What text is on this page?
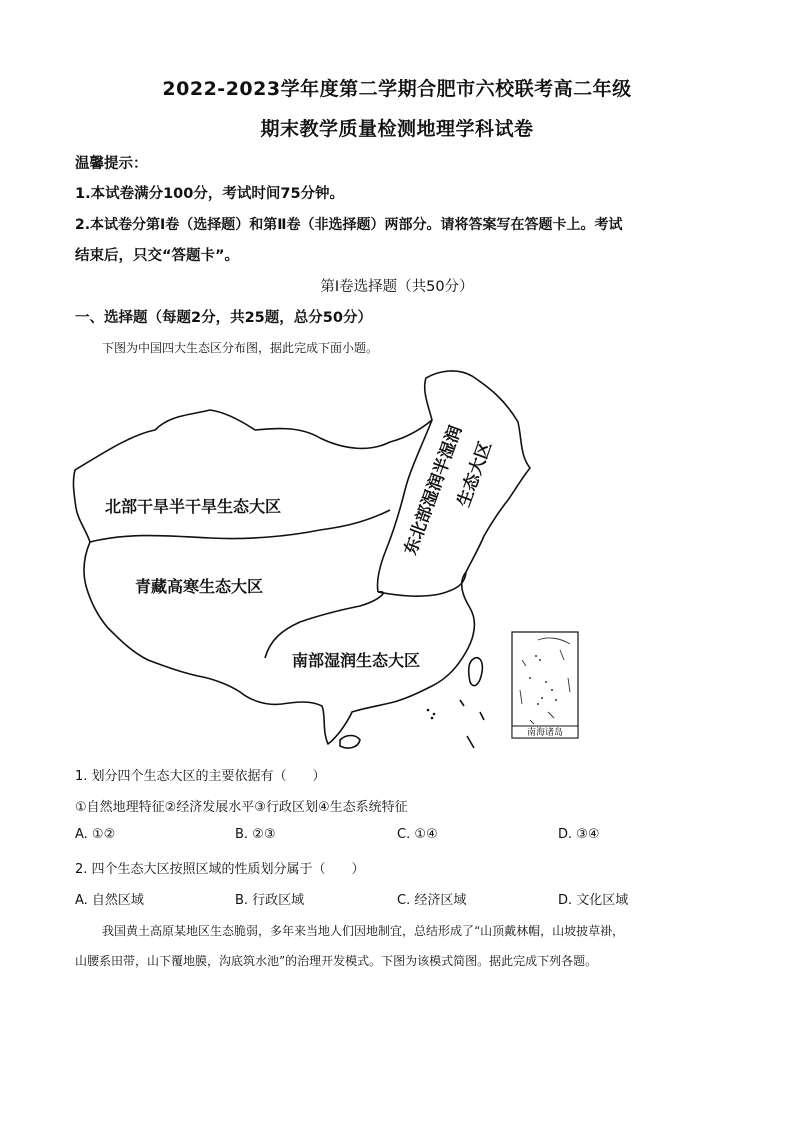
2022-2023学年度第二学期合肥市六校联考高二年级
期末教学质量检测地理学科试卷
温馨提示：
1.本试卷满分100分，考试时间75分钟。
2.本试卷分第Ⅰ卷（选择题）和第Ⅱ卷（非选择题）两部分。请将答案写在答题卡上。考试
结束后，只交“答题卡”。
第Ⅰ卷选择题（共50分）
一、选择题（每题2分，共25题，总分50分）
下图为中国四大生态区分布图，据此完成下面小题。
南海诸岛
北部干旱半干旱生态大区
青藏高寒生态大区
南部湿润生态大区
东北部湿润半湿润
生态大区
1. 划分四个生态大区的主要依据有（　　）
①自然地理特征②经济发展水平③行政区划④生态系统特征
A. ①②	B. ②③	C. ①④	D. ③④
2. 四个生态大区按照区域的性质划分属于（　　）
A. 自然区域	B. 行政区域	C. 经济区域	D. 文化区域
我国黄土高原某地区生态脆弱，多年来当地人们因地制宜，总结形成了“山顶戴林帽，山坡披草褂，
山腰系田带，山下覆地膜，沟底筑水池”的治理开发模式。下图为该模式简图。据此完成下列各题。
